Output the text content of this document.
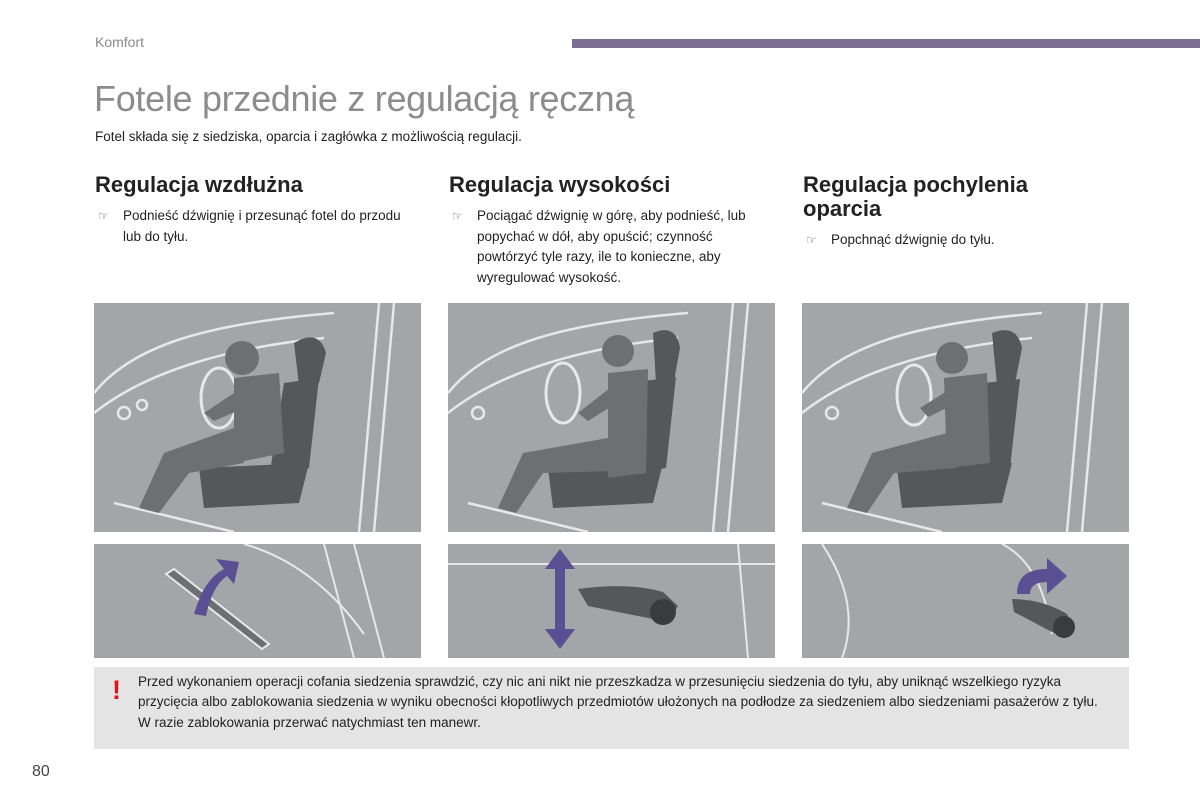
Komfort
Fotele przednie z regulacją ręczną

Fotel składa się z siedziska, oparcia i zagłówka z możliwością regulacji.

Regulacja wzdłużna
☞ Podnieść dźwignię i przesunąć fotel do przodu lub do tyłu.
Regulacja wysokości
☞ Pociągać dźwignię w górę, aby podnieść, lub popychać w dół, aby opuścić; czynność powtórzyć tyle razy, ile to konieczne, aby wyregulować wysokość.
Regulacja pochylenia oparcia
☞ Popchnąć dźwignię do tyłu.
! Przed wykonaniem operacji cofania siedzenia sprawdzić, czy nic ani nikt nie przeszkadza w przesunięciu siedzenia do tyłu, aby uniknąć wszelkiego ryzyka przycięcia albo zablokowania siedzenia w wyniku obecności kłopotliwych przedmiotów ułożonych na podłodze za siedzeniem albo siedzeniami pasażerów z tyłu. W razie zablokowania przerwać natychmiast ten manewr.
80
